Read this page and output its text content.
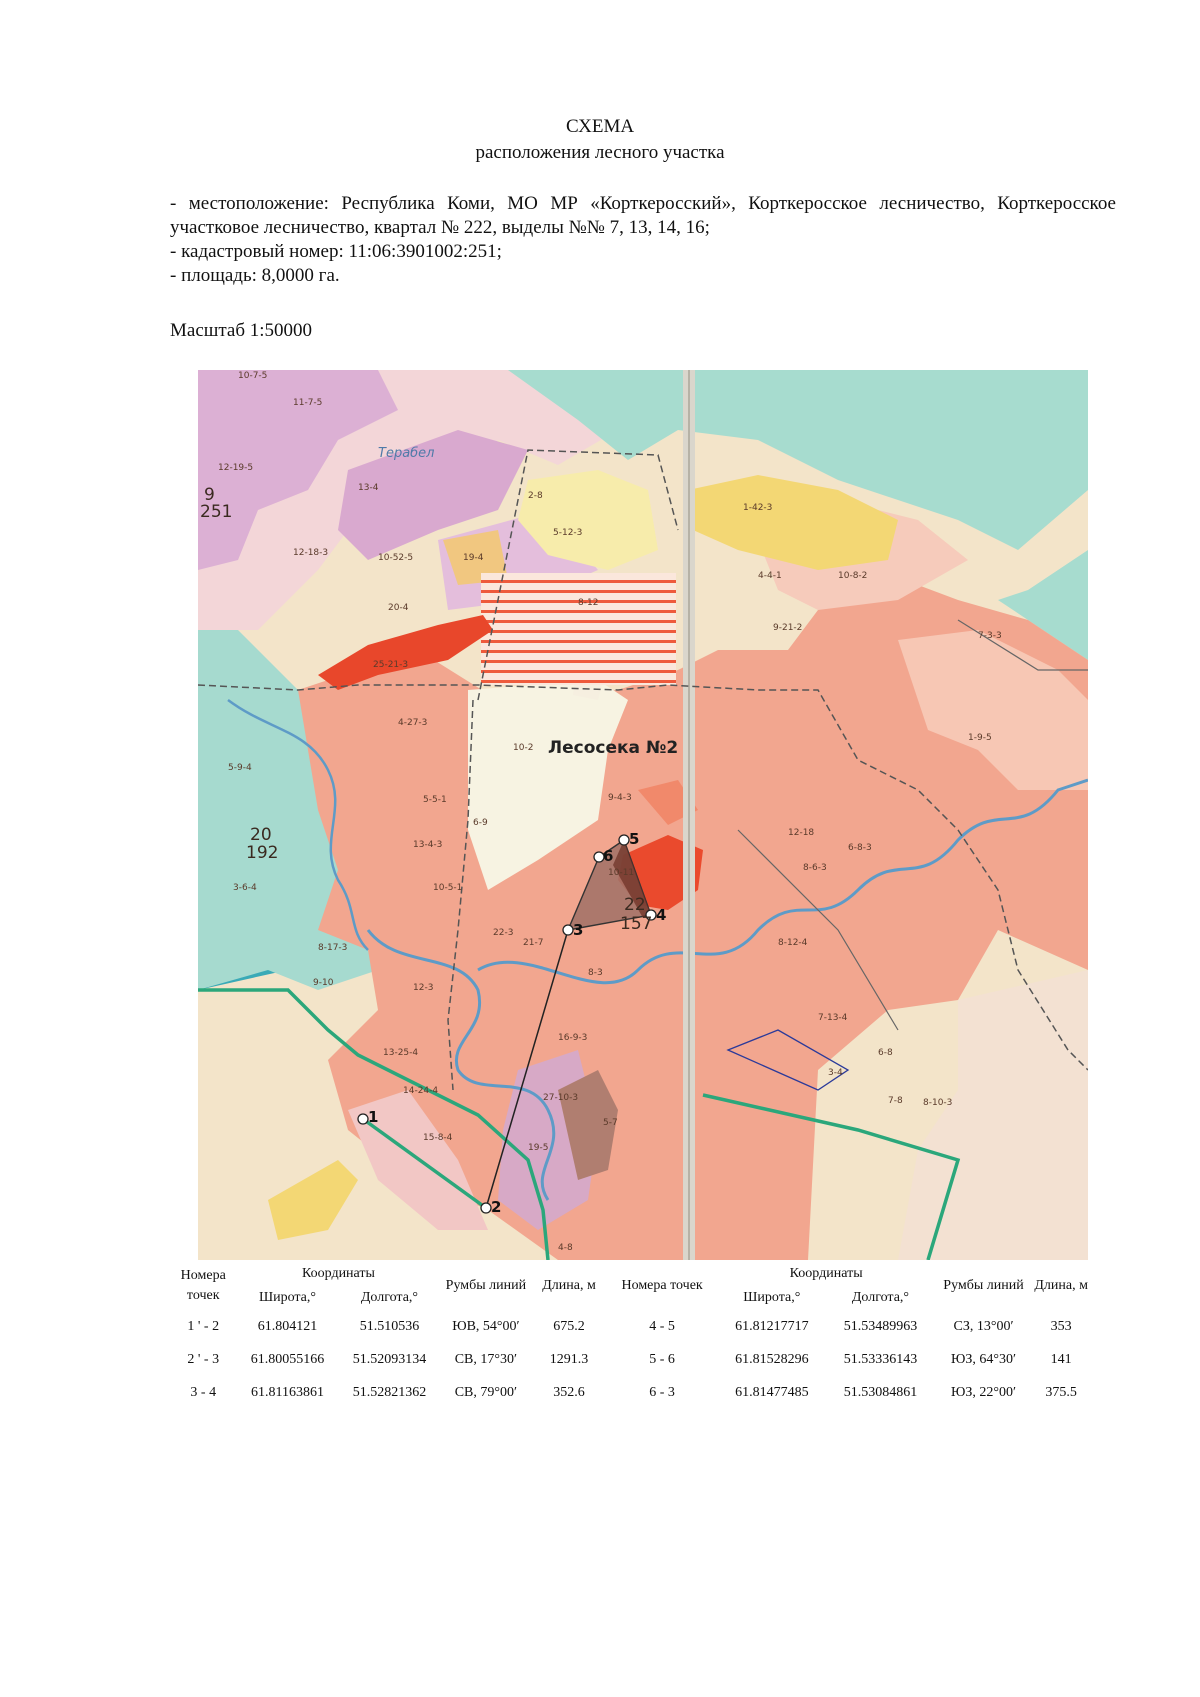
СХЕМА
расположения лесного участка
- местоположение: Республика Коми, МО МР «Корткеросский», Корткеросское лесничество, Корткеросское участковое лесничество, квартал № 222, выделы №№ 7, 13, 14, 16;
- кадастровый номер: 11:06:3901002:251;
- площадь: 8,0000 га.
Масштаб 1:50000
1
2
3
4
5
6
Лесосека №2
Терабел
9
251
20
192
22
157
10-7-5
11-7-5
12-19-5
13-4
12-18-3	10-52-5	19-4
2-8
5-12-3
1-42-3
20-4
25-21-3
8-12
4-4-1	10-8-2
9-21-2
7-3-3
4-27-3
10-2
5-5-1
13-4-3
6-9
10-5-1
21-7
12-3
13-25-4
14-24-4
15-8-4
16-9-3
27-10-3
19-5
5-9-4
8-3
3-6-4
8-17-3
9-10
12-18
8-6-3
6-8-3
8-12-4
7-13-4
6-8
7-8 8-10-3
3-4
4-8
5-7
9-4-3
1-9-5
10-11
22-3
Номера точек	Координаты		Румбы линий	Длина, м	Номера точек	Координаты		Румбы линий	Длина, м
	Широта,°	Долгота,°				Широта,°	Долгота,°		
1 ' - 2	61.804121	51.510536	ЮВ, 54°00′	675.2	4 - 5	61.81217717	51.53489963	СЗ, 13°00′	353
2 ' - 3	61.80055166	51.52093134	СВ, 17°30′	1291.3	5 - 6	61.81528296	51.53336143	ЮЗ, 64°30′	141
3 - 4	61.81163861	51.52821362	СВ, 79°00′	352.6	6 - 3	61.81477485	51.53084861	ЮЗ, 22°00′	375.5
